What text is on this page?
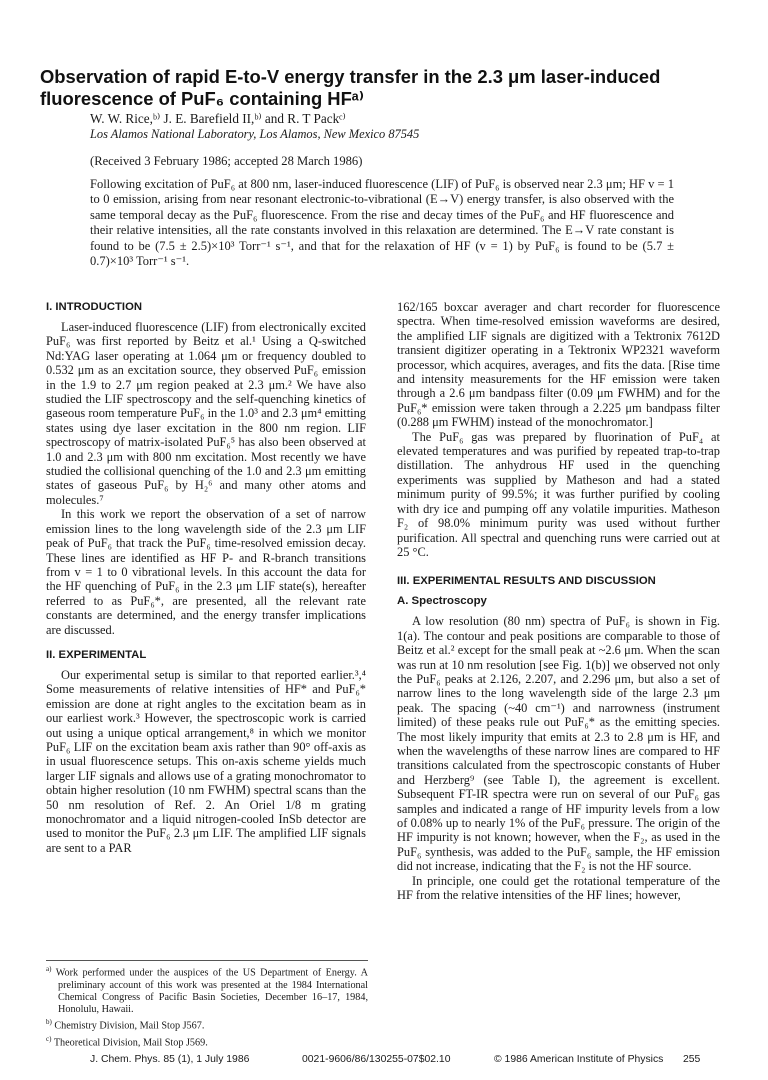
Observation of rapid E-to-V energy transfer in the 2.3 μm laser-induced fluorescence of PuF₆ containing HFᵃ⁾
W. W. Rice,ᵇ⁾ J. E. Barefield II,ᵇ⁾ and R. T Packᶜ⁾
Los Alamos National Laboratory, Los Alamos, New Mexico 87545
(Received 3 February 1986; accepted 28 March 1986)

Following excitation of PuF₆ at 800 nm, laser-induced fluorescence (LIF) of PuF₆ is observed near 2.3 μm; HF v = 1 to 0 emission, arising from near resonant electronic-to-vibrational (E→V) energy transfer, is also observed with the same temporal decay as the PuF₆ fluorescence. From the rise and decay times of the PuF₆ and HF fluorescence and their relative intensities, all the rate constants involved in this relaxation are determined. The E→V rate constant is found to be (7.5 ± 2.5)×10³ Torr⁻¹ s⁻¹, and that for the relaxation of HF (v = 1) by PuF₆ is found to be (5.7 ± 0.7)×10³ Torr⁻¹ s⁻¹.

I. INTRODUCTION

Laser-induced fluorescence (LIF) from electronically excited PuF₆ was first reported by Beitz et al.¹ Using a Q-switched Nd:YAG laser operating at 1.064 μm or frequency doubled to 0.532 μm as an excitation source, they observed PuF₆ emission in the 1.9 to 2.7 μm region peaked at 2.3 μm.² We have also studied the LIF spectroscopy and the self-quenching kinetics of gaseous room temperature PuF₆ in the 1.0³ and 2.3 μm⁴ emitting states using dye laser excitation in the 800 nm region. LIF spectroscopy of matrix-isolated PuF₆⁵ has also been observed at 1.0 and 2.3 μm with 800 nm excitation. Most recently we have studied the collisional quenching of the 1.0 and 2.3 μm emitting states of gaseous PuF₆ by H₂⁶ and many other atoms and molecules.⁷

In this work we report the observation of a set of narrow emission lines to the long wavelength side of the 2.3 μm LIF peak of PuF₆ that track the PuF₆ time-resolved emission decay. These lines are identified as HF P- and R-branch transitions from v = 1 to 0 vibrational levels. In this account the data for the HF quenching of PuF₆ in the 2.3 μm LIF state(s), hereafter referred to as PuF₆*, are presented, all the relevant rate constants are determined, and the energy transfer implications are discussed.

II. EXPERIMENTAL

Our experimental setup is similar to that reported earlier.³,⁴ Some measurements of relative intensities of HF* and PuF₆* emission are done at right angles to the excitation beam as in our earliest work.³ However, the spectroscopic work is carried out using a unique optical arrangement,⁸ in which we monitor PuF₆ LIF on the excitation beam axis rather than 90° off-axis as in usual fluorescence setups. This on-axis scheme yields much larger LIF signals and allows use of a grating monochromator to obtain higher resolution (10 nm FWHM) spectral scans than the 50 nm resolution of Ref. 2. An Oriel 1/8 m grating monochromator and a liquid nitrogen-cooled InSb detector are used to monitor the PuF₆ 2.3 μm LIF. The amplified LIF signals are sent to a PAR

$^{a)}$ Work performed under the auspices of the US Department of Energy. A preliminary account of this work was presented at the 1984 International Chemical Congress of Pacific Basin Societies, December 16–17, 1984, Honolulu, Hawaii.

$^{b)}$ Chemistry Division, Mail Stop J567.

$^{c)}$ Theoretical Division, Mail Stop J569.

162/165 boxcar averager and chart recorder for fluorescence spectra. When time-resolved emission waveforms are desired, the amplified LIF signals are digitized with a Tektronix 7612D transient digitizer operating in a Tektronix WP2321 waveform processor, which acquires, averages, and fits the data. [Rise time and intensity measurements for the HF emission were taken through a 2.6 μm bandpass filter (0.09 μm FWHM) and for the PuF₆* emission were taken through a 2.225 μm bandpass filter (0.288 μm FWHM) instead of the monochromator.]

The PuF₆ gas was prepared by fluorination of PuF₄ at elevated temperatures and was purified by repeated trap-to-trap distillation. The anhydrous HF used in the quenching experiments was supplied by Matheson and had a stated minimum purity of 99.5%; it was further purified by cooling with dry ice and pumping off any volatile impurities. Matheson F₂ of 98.0% minimum purity was used without further purification. All spectral and quenching runs were carried out at 25 °C.

III. EXPERIMENTAL RESULTS AND DISCUSSION
A. Spectroscopy

A low resolution (80 nm) spectra of PuF₆ is shown in Fig. 1(a). The contour and peak positions are comparable to those of Beitz et al.² except for the small peak at ~2.6 μm. When the scan was run at 10 nm resolution [see Fig. 1(b)] we observed not only the PuF₆ peaks at 2.126, 2.207, and 2.296 μm, but also a set of narrow lines to the long wavelength side of the large 2.3 μm peak. The spacing (~40 cm⁻¹) and narrowness (instrument limited) of these peaks rule out PuF₆* as the emitting species. The most likely impurity that emits at 2.3 to 2.8 μm is HF, and when the wavelengths of these narrow lines are compared to HF transitions calculated from the spectroscopic constants of Huber and Herzberg⁹ (see Table I), the agreement is excellent. Subsequent FT-IR spectra were run on several of our PuF₆ gas samples and indicated a range of HF impurity levels from a low of 0.08% up to nearly 1% of the PuF₆ pressure. The origin of the HF impurity is not known; however, when the F₂, as used in the PuF₆ synthesis, was added to the PuF₆ sample, the HF emission did not increase, indicating that the F₂ is not the HF source.

In principle, one could get the rotational temperature of the HF from the relative intensities of the HF lines; however,

J. Chem. Phys. 85 (1), 1 July 1986	0021-9606/86/130255-07$02.10	© 1986 American Institute of Physics 255
